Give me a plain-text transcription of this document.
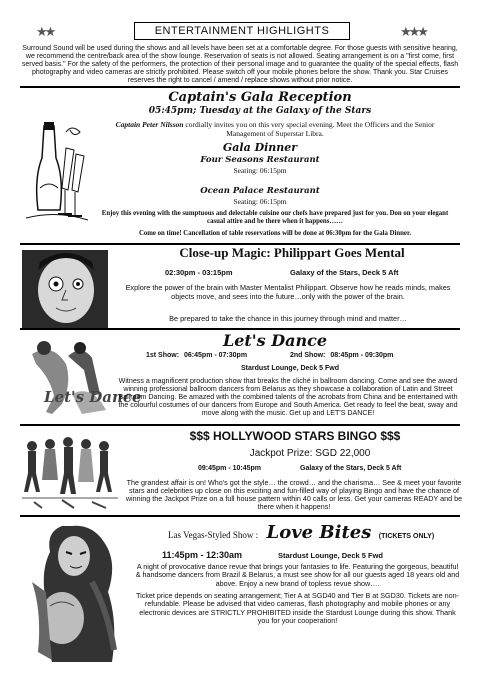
★★	★★★
ENTERTAINMENT HIGHLIGHTS
Surround Sound will be used during the shows and all levels have been set at a comfortable degree. For those guests with sensitive hearing, we recommend the centre/back area of the show lounge. Reservation of seats is not allowed. Seating arrangement is on a "first come, first served basis." For the safety of the performers, the protection of their personal image and to guarantee the quality of the special effects, flash photography and video cameras are strictly prohibited. Please switch off your mobile phones before the show. Thank you. Star Cruises reserves the right to cancel / amend / replace shows without prior notice.
Captain's Gala Reception
05:45pm; Tuesday at the Galaxy of the Stars
Captain Peter Nilsson cordially invites you on this very special evening. Meet the Officers and the Senior Management of Superstar Libra.
Gala Dinner
Four Seasons Restaurant
Seating: 06:15pm
Ocean Palace Restaurant
Seating: 06:15pm
Enjoy this evening with the sumptuous and delectable cuisine our chefs have prepared just for you. Don on your elegant casual attire and be there when it happens……
Come on time! Cancellation of table reservations will be done at 06:30pm for the Gala Dinner.
Close-up Magic: Philippart Goes Mental
02:30pm - 03:15pm	Galaxy of the Stars, Deck 5 Aft
Explore the power of the brain with Master Mentalist Philippart. Observe how he reads minds, makes objects move, and sees into the future…only with the power of the brain.
Be prepared to take the chance in this journey through mind and matter…
Let's Dance
Let's Dance
1st Show: 06:45pm - 07:30pm	2nd Show: 08:45pm - 09:30pm
Stardust Lounge, Deck 5 Fwd
Witness a magnificent production show that breaks the cliché in ballroom dancing. Come and see the award winning professional ballroom dancers from Belarus as they showcase a collaboration of Latin and Street Ballroom Dancing. Be amazed with the combined talents of the acrobats from China and be entertained with the colourful costumes of our dancers from Europe and South America. Get ready to feel the beat, sway and move along with the music. Get up and LET'S DANCE!
$$$ HOLLYWOOD STARS BINGO $$$
Jackpot Prize: SGD 22,000
09:45pm - 10:45pm	Galaxy of the Stars, Deck 5 Aft
The grandest affair is on! Who's got the style… the crowd… and the charisma… See & meet your favorite stars and celebrities up close on this exciting and fun-filled way of playing Bingo and have the chance of winning the Jackpot Prize on a full house pattern within 40 calls or less. Get your cameras READY and be there when it happens!
Las Vegas-Styled Show : Love Bites (TICKETS ONLY)
11:45pm - 12:30am	Stardust Lounge, Deck 5 Fwd
A night of provocative dance revue that brings your fantasies to life. Featuring the gorgeous, beautiful & handsome dancers from Brazil & Belarus, a must see show for all our guests aged 18 years old and above. Enjoy a new brand of topless revue show….
Ticket price depends on seating arrangement; Tier A at SGD40 and Tier B at SGD30. Tickets are non-refundable. Please be advised that video cameras, flash photography and mobile phones or any electronic devices are STRICTLY PROHIBITED inside the Stardust Lounge during this show. Thank you for your cooperation!
